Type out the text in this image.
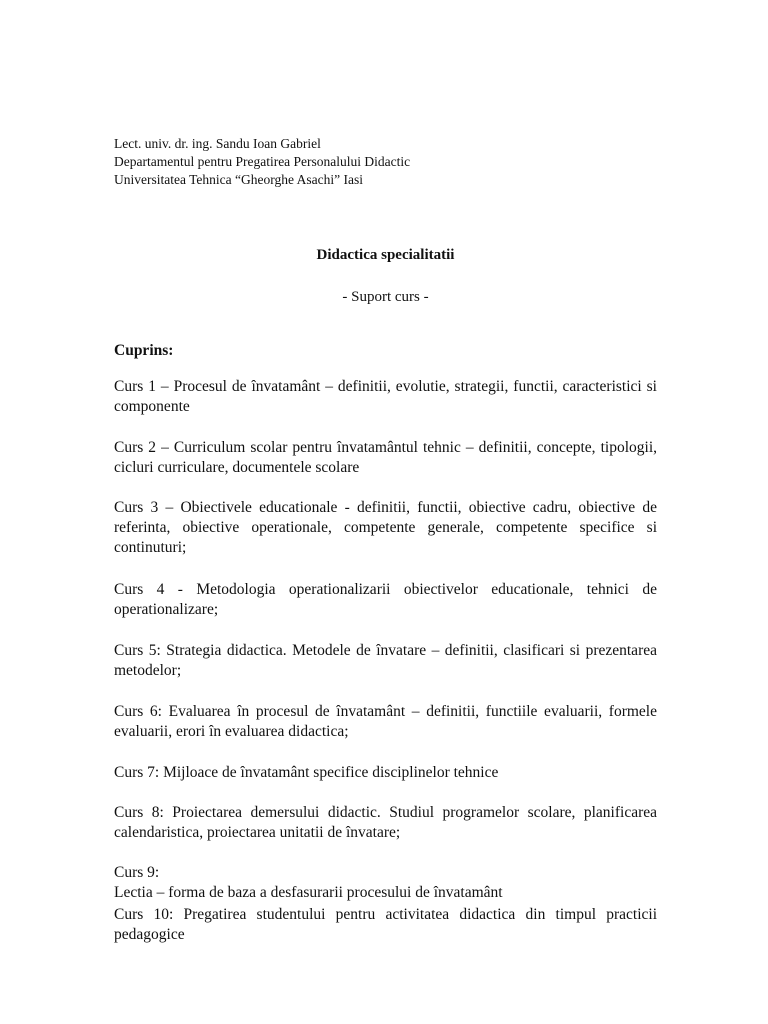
Lect. univ. dr. ing. Sandu Ioan Gabriel
Departamentul pentru Pregatirea Personalului Didactic
Universitatea Tehnica “Gheorghe Asachi” Iasi
Didactica specialitatii
- Suport curs -
Cuprins:
Curs 1 – Procesul de învatamânt – definitii, evolutie, strategii, functii, caracteristici si componente
Curs 2 – Curriculum scolar pentru învatamântul tehnic – definitii, concepte, tipologii, cicluri curriculare, documentele scolare
Curs 3 – Obiectivele educationale - definitii, functii, obiective cadru, obiective de referinta, obiective operationale, competente generale, competente specifice si continuturi;
Curs 4 - Metodologia operationalizarii obiectivelor educationale, tehnici de operationalizare;
Curs 5: Strategia didactica. Metodele de învatare – definitii, clasificari si prezentarea metodelor;
Curs 6: Evaluarea în procesul de învatamânt – definitii, functiile evaluarii, formele evaluarii, erori în evaluarea didactica;
Curs 7: Mijloace de învatamânt specifice disciplinelor tehnice
Curs 8: Proiectarea demersului didactic. Studiul programelor scolare, planificarea calendaristica, proiectarea unitatii de învatare;
Curs 9:
Lectia – forma de baza a desfasurarii procesului de învatamânt
Curs 10: Pregatirea studentului pentru activitatea didactica din timpul practicii pedagogice
